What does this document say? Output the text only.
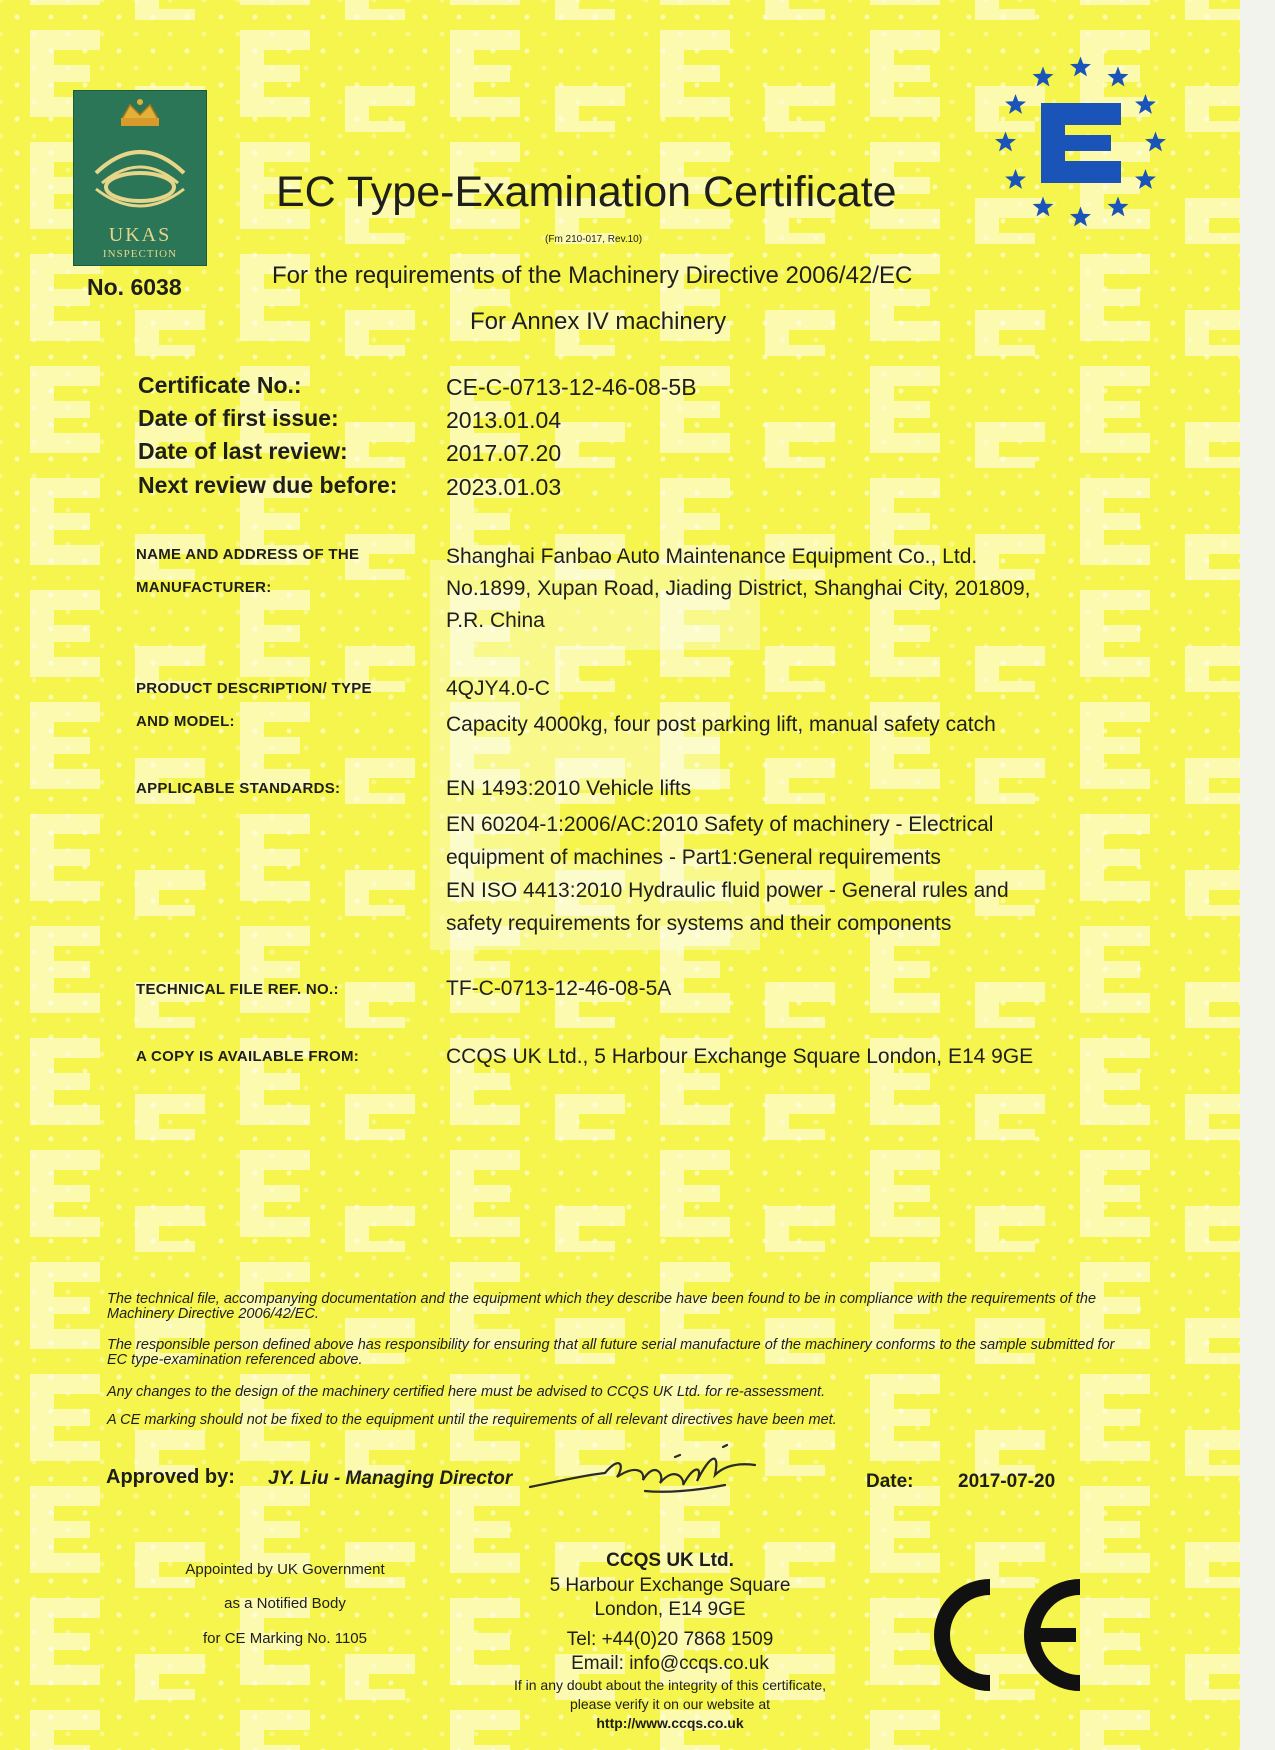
UKAS
INSPECTION
No. 6038
EC Type-Examination Certificate
(Fm 210-017, Rev.10)
For the requirements of the Machinery Directive 2006/42/EC
For Annex IV machinery
Certificate No.:	CE-C-0713-12-46-08-5B
Date of first issue:	2013.01.04
Date of last review:	2017.07.20
Next review due before: 2023.01.03
NAME AND ADDRESS OF THE
MANUFACTURER:
Shanghai Fanbao Auto Maintenance Equipment Co., Ltd.
No.1899, Xupan Road, Jiading District, Shanghai City, 201809,
P.R. China
PRODUCT DESCRIPTION/ TYPE
AND MODEL:
4QJY4.0-C
Capacity 4000kg, four post parking lift, manual safety catch
APPLICABLE STANDARDS:	EN 1493:2010 Vehicle lifts
EN 60204-1:2006/AC:2010 Safety of machinery - Electrical
equipment of machines - Part1:General requirements
EN ISO 4413:2010 Hydraulic fluid power - General rules and
safety requirements for systems and their components
TECHNICAL FILE REF. NO.:	TF-C-0713-12-46-08-5A
A COPY IS AVAILABLE FROM:	CCQS UK Ltd., 5 Harbour Exchange Square London, E14 9GE
The technical file, accompanying documentation and the equipment which they describe have been found to be in compliance with the requirements of the Machinery Directive 2006/42/EC.
The responsible person defined above has responsibility for ensuring that all future serial manufacture of the machinery conforms to the sample submitted for EC type-examination referenced above.
Any changes to the design of the machinery certified here must be advised to CCQS UK Ltd. for re-assessment.
A CE marking should not be fixed to the equipment until the requirements of all relevant directives have been met.
Approved by: JY. Liu - Managing Director	Date: 2017-07-20
Appointed by UK Government
as a Notified Body
for CE Marking No. 1105
CCQS UK Ltd.
5 Harbour Exchange Square
London, E14 9GE
Tel: +44(0)20 7868 1509
Email: info@ccqs.co.uk
If in any doubt about the integrity of this certificate,
please verify it on our website at
http://www.ccqs.co.uk
